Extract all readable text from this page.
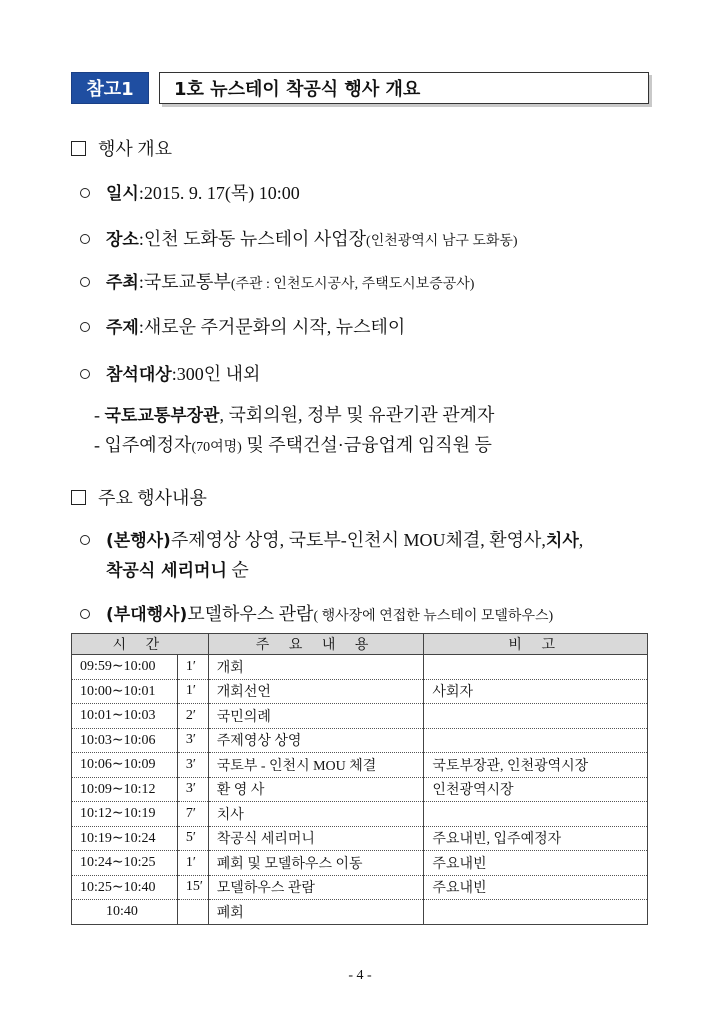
참고1	1호 뉴스테이 착공식 행사 개요
행사 개요
일시 : 2015. 9. 17(목) 10:00
장소 : 인천 도화동 뉴스테이 사업장 (인천광역시 남구 도화동)
주최 : 국토교통부 (주관 : 인천도시공사, 주택도시보증공사)
주제 : 새로운 주거문화의 시작, 뉴스테이
참석대상 : 300인 내외
- 국토교통부장관, 국회의원, 정부 및 유관기관 관계자
- 입주예정자(70여명) 및 주택건설·금융업계 임직원 등
주요 행사내용
(본행사) 주제영상 상영, 국토부-인천시 MOU체결, 환영사, 치사 ,
착공식 세리머니 순
(부대행사) 모델하우스 관람 ( 행사장에 연접한 뉴스테이 모델하우스)
시 간		주 요 내 용	비 고
09:59∼10:00	1′	개회	
10:00∼10:01	1′	개회선언	사회자
10:01∼10:03	2′	국민의례	
10:03∼10:06	3′	주제영상 상영	
10:06∼10:09	3′	국토부 - 인천시 MOU 체결	국토부장관, 인천광역시장
10:09∼10:12	3′	환 영 사	인천광역시장
10:12∼10:19	7′	치사	
10:19∼10:24	5′	착공식 세리머니	주요내빈, 입주예정자
10:24∼10:25	1′	폐회 및 모델하우스 이동	주요내빈
10:25∼10:40	15′	모델하우스 관람	주요내빈
10:40		폐회	
- 4 -
